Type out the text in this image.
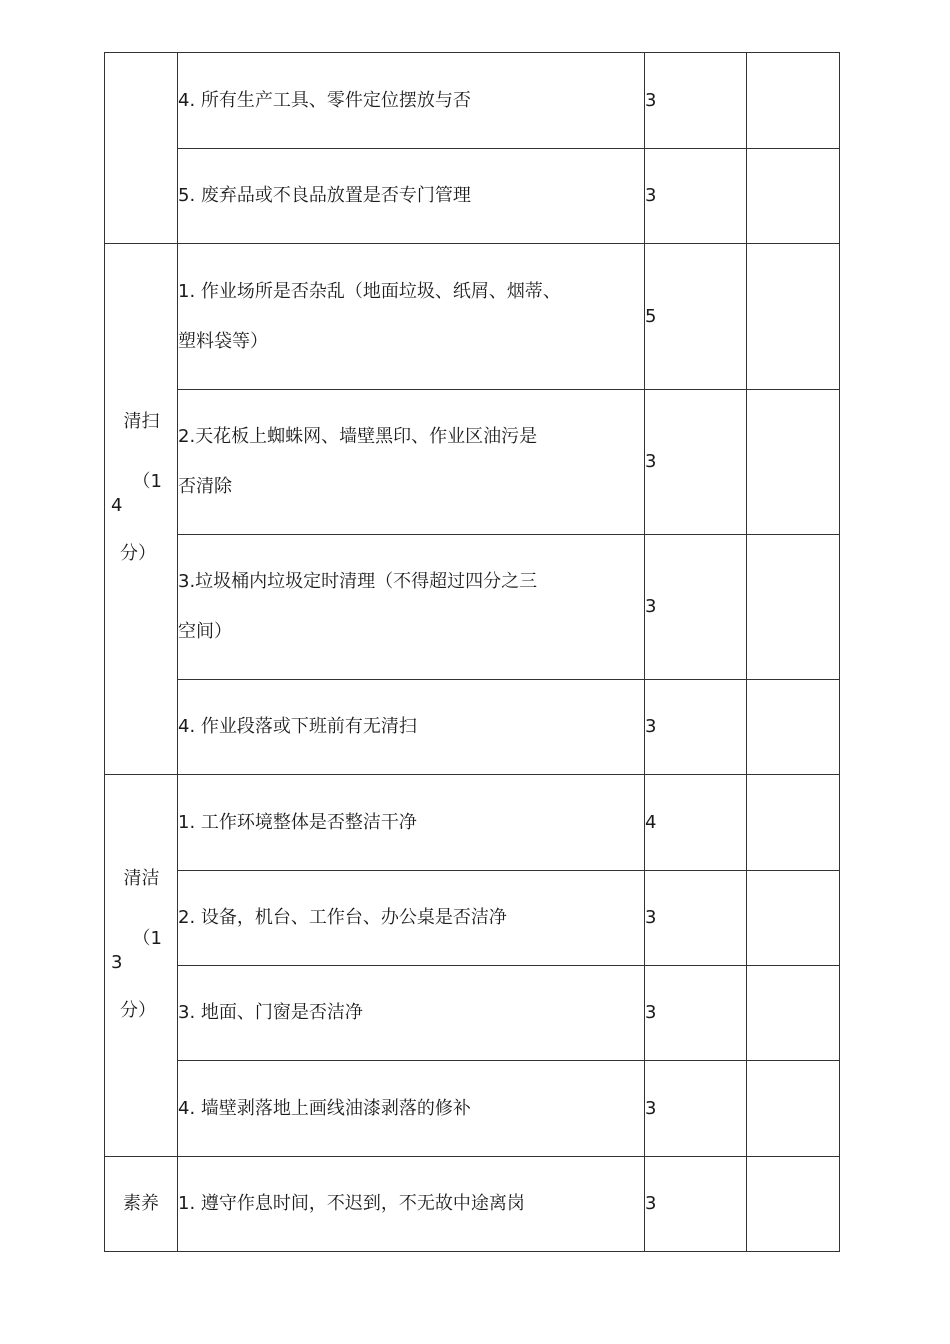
	4. 所有生产工具、零件定位摆放与否	3	
	5. 废弃品或不良品放置是否专门管理	3	

清扫
（1
4
分）	1. 作业场所是否杂乱（地面垃圾、纸屑、烟蒂、
塑料袋等）	5	

	2.天花板上蜘蛛网、墙壁黑印、作业区油污是
否清除	3	

	3.垃圾桶内垃圾定时清理（不得超过四分之三
空间）	3	
	4. 作业段落或下班前有无清扫	3	

清洁
（1
3
分）	1. 工作环境整体是否整洁干净	4	
	2. 设备，机台、工作台、办公桌是否洁净	3	
	3. 地面、门窗是否洁净	3	
	4. 墙壁剥落地上画线油漆剥落的修补	3	
素养	1. 遵守作息时间，不迟到，不无故中途离岗	3	
